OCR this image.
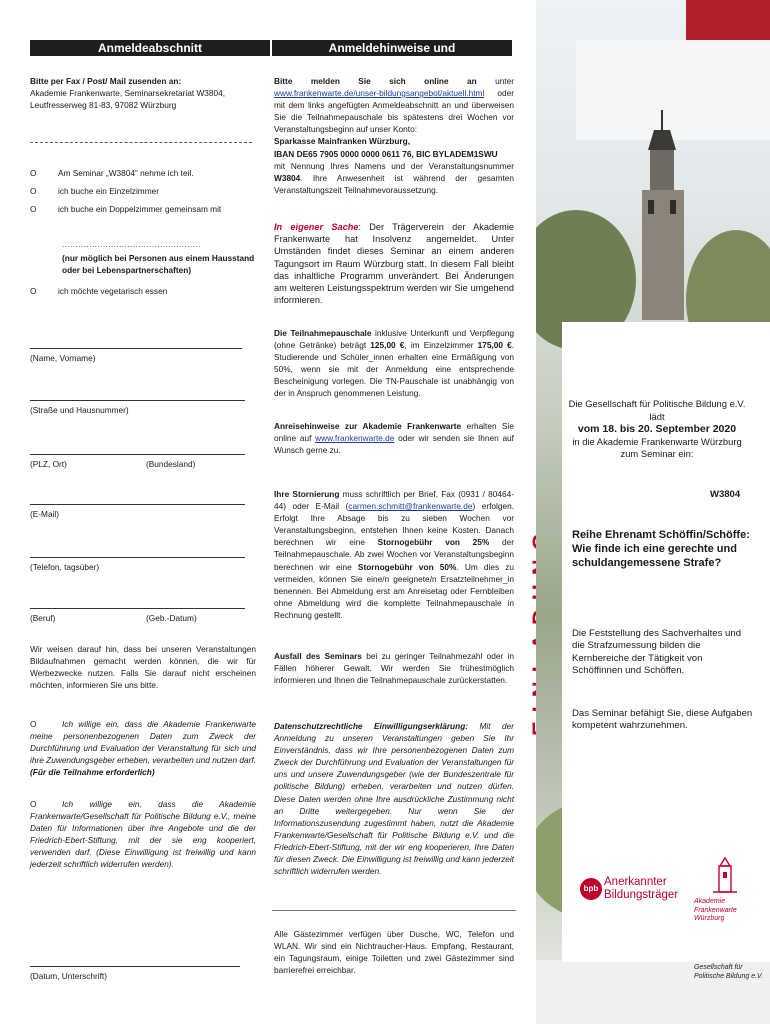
Anmeldeabschnitt
Bitte per Fax / Post/ Mail zusenden an:
Akademie Frankenwarte, Seminarsekretariat W3804,
Leutfresserweg 81-83, 97082 Würzburg
O	Am Seminar „W3804“ nehme ich teil.
O	ich buche ein Einzelzimmer
O	ich buche ein Doppelzimmer gemeinsam mit
...................................................
(nur möglich bei Personen aus einem Hausstand oder bei Lebenspartnerschaften)
O	ich möchte vegetarisch essen
(Name, Vorname)
(Straße und Hausnummer)
(PLZ, Ort)	(Bundesland)
(E-Mail)
(Telefon, tagsüber)
(Beruf)	(Geb.-Datum)
Wir weisen darauf hin, dass bei unseren Veranstaltungen Bildaufnahmen gemacht werden können, die wir für Werbezwecke nutzen. Falls Sie darauf nicht erscheinen möchten, informieren Sie uns bitte.
O	Ich willige ein, dass die Akademie Frankenwarte meine personenbezogenen Daten zum Zweck der Durchführung und Evaluation der Veranstaltung für sich und ihre Zuwendungsgeber erheben, verarbeiten und nutzen darf. (Für die Teilnahme erforderlich)
O	Ich willige ein, dass die Akademie Frankenwarte/Gesellschaft für Politische Bildung e.V., meine Daten für Informationen über ihre Angebote und die der Friedrich-Ebert-Stiftung, mit der sie eng kooperiert, verwenden darf. (Diese Einwilligung ist freiwillig und kann jederzeit schriftlich widerrufen werden).
(Datum, Unterschrift)
Anmeldehinweise und Teilnahmebedingungen
Bitte melden Sie sich online an unter www.frankenwarte.de/unser-bildungsangebot/aktuell.html oder mit dem links angefügten Anmeldeabschnitt an und überweisen Sie die Teilnahmepauschale bis spätestens drei Wochen vor Veranstaltungsbeginn auf unser Konto:
Sparkasse Mainfranken Würzburg,
IBAN DE65 7905 0000 0000 0611 76, BIC BYLADEM1SWU
mit Nennung Ihres Namens und der Veranstaltungsnummer W3804. Ihre Anwesenheit ist während der gesamten Veranstaltungszeit Teilnahmevoraussetzung.
In eigener Sache: Der Trägerverein der Akademie Frankenwarte hat Insolvenz angemeldet. Unter Umständen findet dieses Seminar an einem anderen Tagungsort im Raum Würzburg statt. In diesem Fall bleibt das inhaltliche Programm unverändert. Bei Änderungen am weiteren Leistungsspektrum werden wir Sie umgehend informieren.
Die Teilnahmepauschale inklusive Unterkunft und Verpflegung (ohne Getränke) beträgt 125,00 €, im Einzelzimmer 175,00 €. Studierende und Schüler_innen erhalten eine Ermäßigung von 50%, wenn sie mit der Anmeldung eine entsprechende Bescheinigung vorlegen. Die TN-Pauschale ist unabhängig von der in Anspruch genommenen Leistung.
Anreisehinweise zur Akademie Frankenwarte erhalten Sie online auf www.frankenwarte.de oder wir senden sie Ihnen auf Wunsch gerne zu.
Ihre Stornierung muss schriftlich per Brief, Fax (0931 / 80464-44) oder E-Mail (carmen.schmitt@frankenwarte.de) erfolgen. Erfolgt Ihre Absage bis zu sieben Wochen vor Veranstaltungsbeginn, entstehen Ihnen keine Kosten. Danach berechnen wir eine Stornogebühr von 25% der Teilnahmepauschale. Ab zwei Wochen vor Veranstaltungsbeginn berechnen wir eine Stornogebühr von 50%. Um dies zu vermeiden, können Sie eine/n geeignete/n Ersatzteilnehmer_in benennen. Bei Abmeldung erst am Anreisetag oder Fernbleiben ohne Abmeldung wird die komplette Teilnahmepauschale in Rechnung gestellt.
Ausfall des Seminars bei zu geringer Teilnahmezahl oder in Fällen höherer Gewalt. Wir werden Sie frühestmöglich informieren und Ihnen die Teilnahmepauschale zurückerstatten.
Datenschutzrechtliche Einwilligungserklärung: Mit der Anmeldung zu unseren Veranstaltungen geben Sie Ihr Einverständnis, dass wir Ihre personenbezogenen Daten zum Zweck der Durchführung und Evaluation der Veranstaltungen für uns und unsere Zuwendungsgeber (wie der Bundeszentrale für politische Bildung) erheben, verarbeiten und nutzen dürfen. Diese Daten werden ohne Ihre ausdrückliche Zustimmung nicht an Dritte weitergegeben. Nur wenn Sie der Informationszusendung zugestimmt haben, nutzt die Akademie Frankenwarte/Gesellschaft für Politische Bildung e.V. und die Friedrich-Ebert-Stiftung, mit der wir eng kooperieren, Ihre Daten für diesen Zweck. Die Einwilligung ist freiwillig und kann jederzeit schriftlich widerrufen werden.
Alle Gästezimmer verfügen über Dusche, WC, Telefon und WLAN. Wir sind ein Nichtraucher-Haus. Empfang, Restaurant, ein Tagungsraum, einige Toiletten und zwei Gästezimmer sind barrierefrei erreichbar.
Die Gesellschaft für Politische Bildung e.V.
lädt
vom 18. bis 20. September 2020
in die Akademie Frankenwarte Würzburg
zum Seminar ein:
W3804
Reihe Ehrenamt Schöffin/Schöffe: Wie finde ich eine gerechte und schuldangemessene Strafe?
Die Feststellung des Sachverhaltes und die Strafzumessung bilden die Kernbereiche der Tätigkeit von Schöffinnen und Schöffen.
Das Seminar befähigt Sie, diese Aufgaben kompetent wahrzunehmen.
bpb
Anerkannter
Bildungsträger
Akademie
Frankenwarte
Würzburg
Gesellschaft für
Politische Bildung e.V.
